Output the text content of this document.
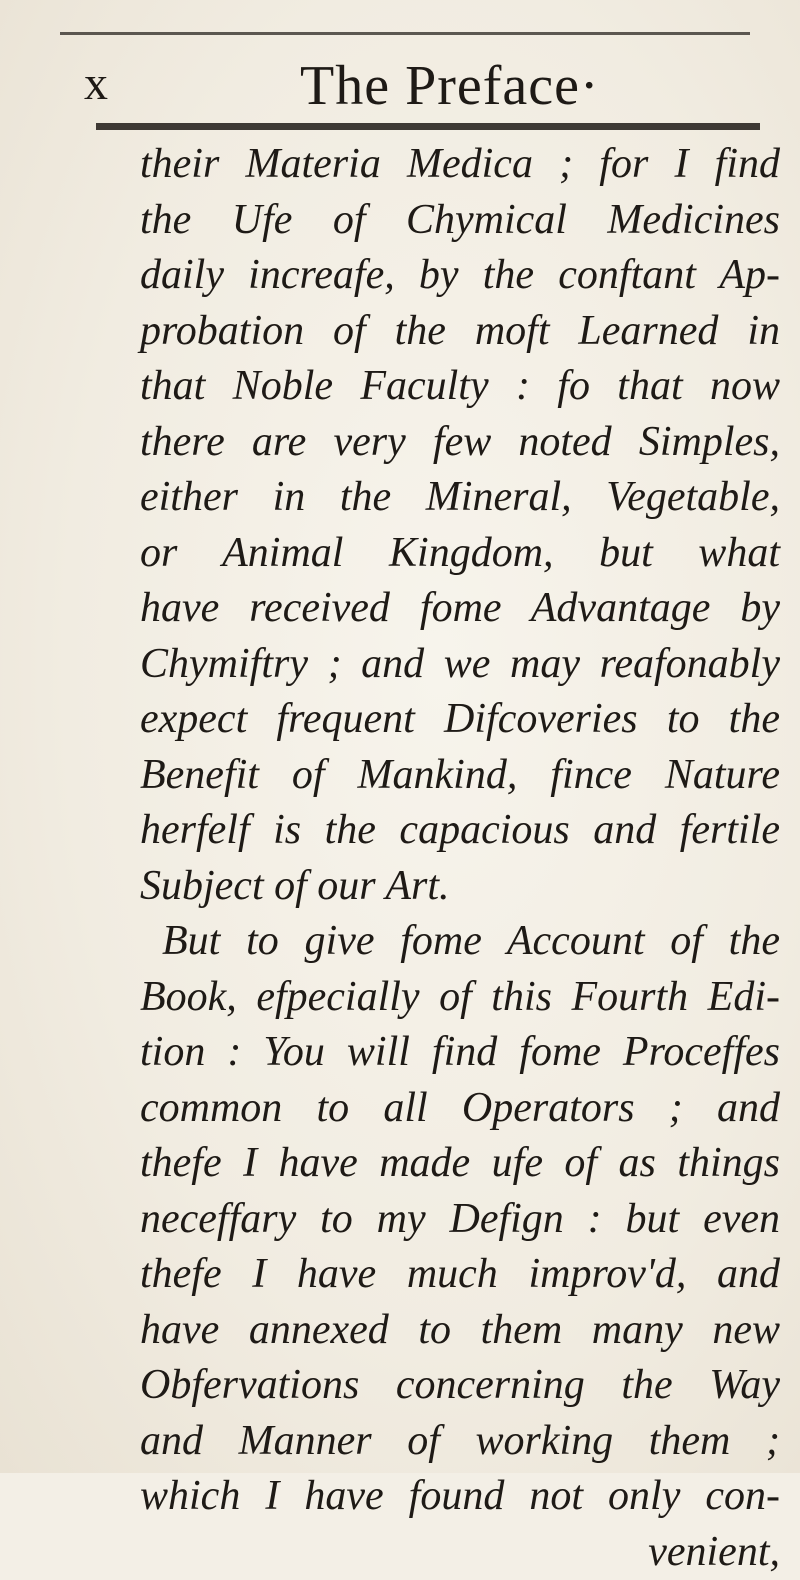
x	The Preface·
their Materia Medica ; for I find
the Ufe of Chymical Medicines
daily increafe, by the conftant Ap-
probation of the moft Learned in
that Noble Faculty : fo that now
there are very few noted Simples,
either in the Mineral, Vegetable,
or Animal Kingdom, but what
have received fome Advantage by
Chymiftry ; and we may reafonably
expect frequent Difcoveries to the
Benefit of Mankind, fince Nature
herfelf is the capacious and fertile
Subject of our Art.
But to give fome Account of the
Book, efpecially of this Fourth Edi-
tion : You will find fome Proceffes
common to all Operators ; and
thefe I have made ufe of as things
neceffary to my Defign : but even
thefe I have much improv'd, and
have annexed to them many new
Obfervations concerning the Way
and Manner of working them ;
which I have found not only con-
venient,
